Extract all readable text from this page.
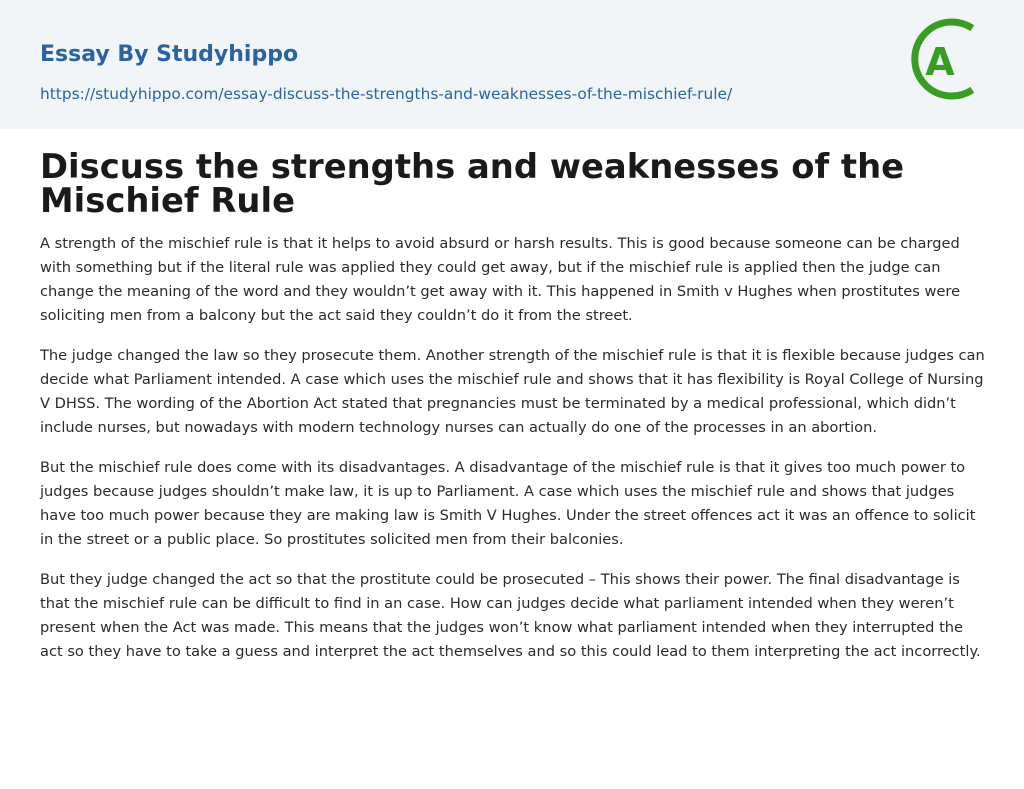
Essay By Studyhippo
https://studyhippo.com/essay-discuss-the-strengths-and-weaknesses-of-the-mischief-rule/
A
Discuss the strengths and weaknesses of the Mischief Rule

A strength of the mischief rule is that it helps to avoid absurd or harsh results. This is good because someone can be charged with something but if the literal rule was applied they could get away, but if the mischief rule is applied then the judge can change the meaning of the word and they wouldn’t get away with it. This happened in Smith v Hughes when prostitutes were soliciting men from a balcony but the act said they couldn’t do it from the street.

The judge changed the law so they prosecute them. Another strength of the mischief rule is that it is flexible because judges can decide what Parliament intended. A case which uses the mischief rule and shows that it has flexibility is Royal College of Nursing V DHSS. The wording of the Abortion Act stated that pregnancies must be terminated by a medical professional, which didn’t include nurses, but nowadays with modern technology nurses can actually do one of the processes in an abortion.

But the mischief rule does come with its disadvantages. A disadvantage of the mischief rule is that it gives too much power to judges because judges shouldn’t make law, it is up to Parliament. A case which uses the mischief rule and shows that judges have too much power because they are making law is Smith V Hughes. Under the street offences act it was an offence to solicit in the street or a public place. So prostitutes solicited men from their balconies.

But they judge changed the act so that the prostitute could be prosecuted – This shows their power. The final disadvantage is that the mischief rule can be difficult to find in an case. How can judges decide what parliament intended when they weren’t present when the Act was made. This means that the judges won’t know what parliament intended when they interrupted the act so they have to take a guess and interpret the act themselves and so this could lead to them interpreting the act incorrectly.
